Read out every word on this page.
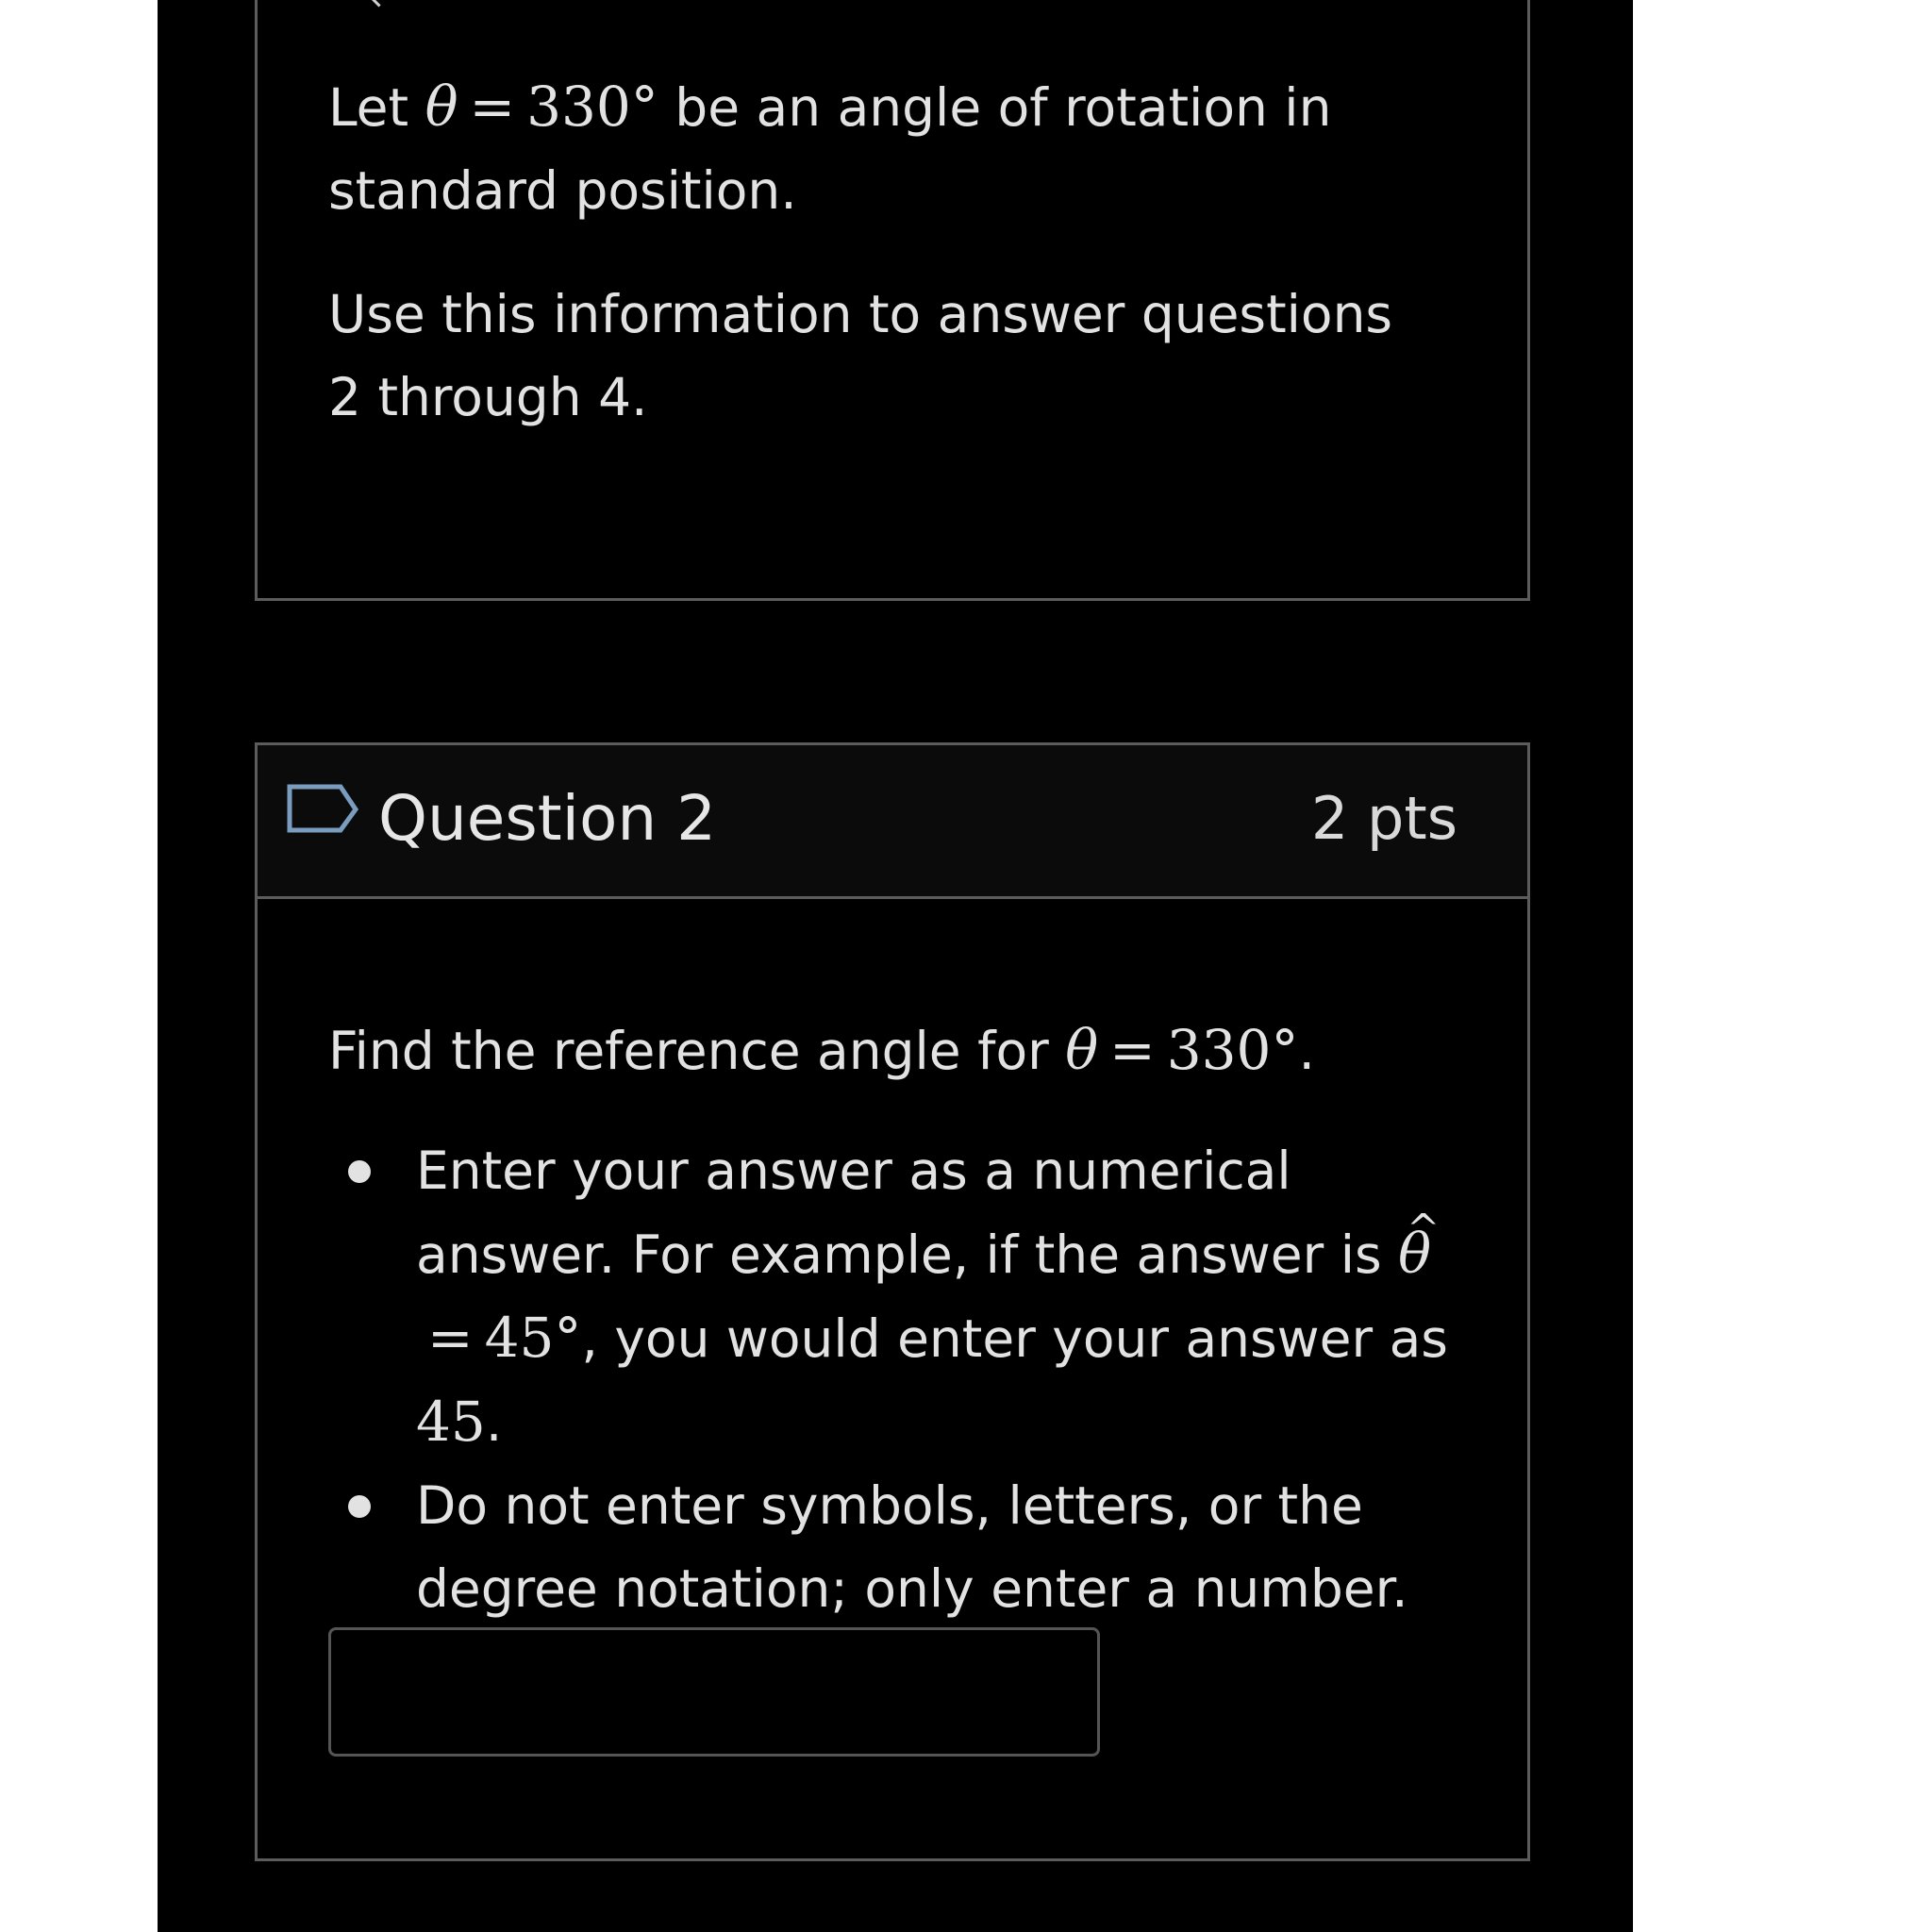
Let θ = 330° be an angle of rotation in standard position.

Use this information to answer questions 2 through 4.

Question 2	2 pts

Find the reference angle for θ = 330°.

Enter your answer as a numerical answer. For example, if the answer is ^ θ= 45°, you would enter your answer as 45.
Do not enter symbols, letters, or the degree notation; only enter a number.
